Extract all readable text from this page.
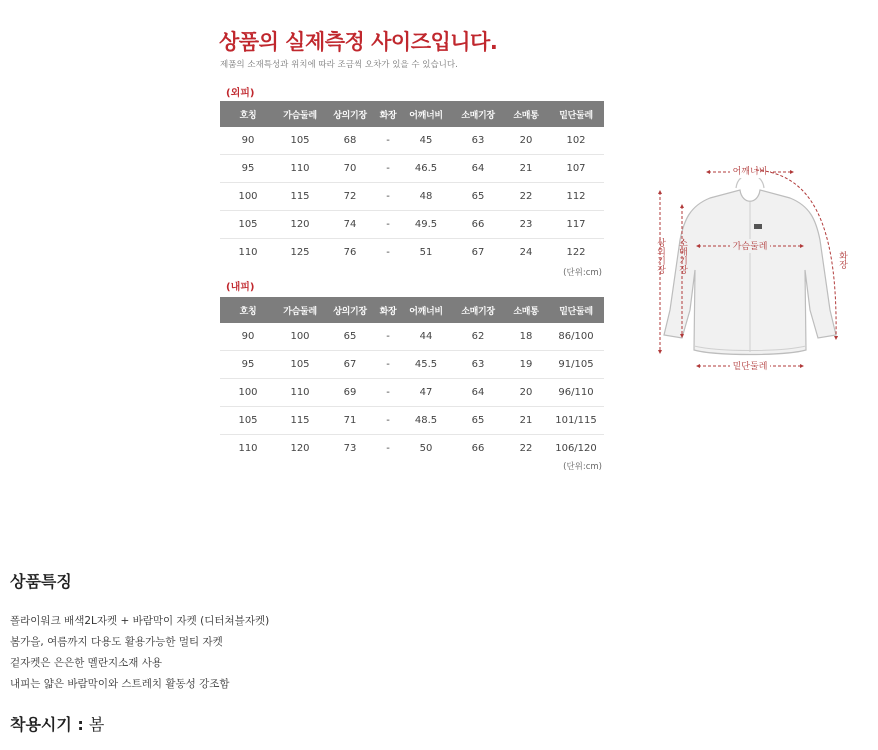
상품의 실제측정 사이즈입니다.
제품의 소재특성과 위치에 따라 조금씩 오차가 있을 수 있습니다.
(외피)
호칭	가슴둘레	상의기장	화장	어깨너비	소매기장	소매통	밑단둘레
90	105	68	-	45	63	20	102
95	110	70	-	46.5	64	21	107
100	115	72	-	48	65	22	112
105	120	74	-	49.5	66	23	117
110	125	76	-	51	67	24	122
(단위:cm)
(내피)
호칭	가슴둘레	상의기장	화장	어깨너비	소매기장	소매통	밑단둘레
90	100	65	-	44	62	18	86/100
95	105	67	-	45.5	63	19	91/105
100	110	69	-	47	64	20	96/110
105	115	71	-	48.5	65	21	101/115
110	120	73	-	50	66	22	106/120
(단위:cm)
어깨너비
가슴둘레
밑단둘레
상의기장 소매기장	화장
상품특징
폴라이워크 배색2L자켓 + 바람막이 자켓 (디터쳐블자켓)
봄가을, 여름까지 다용도 활용가능한 멀티 자켓
겉자켓은 은은한 멜란지소재 사용
내피는 얇은 바람막이와 스트레치 활동성 강조함
착용시기 : 봄
